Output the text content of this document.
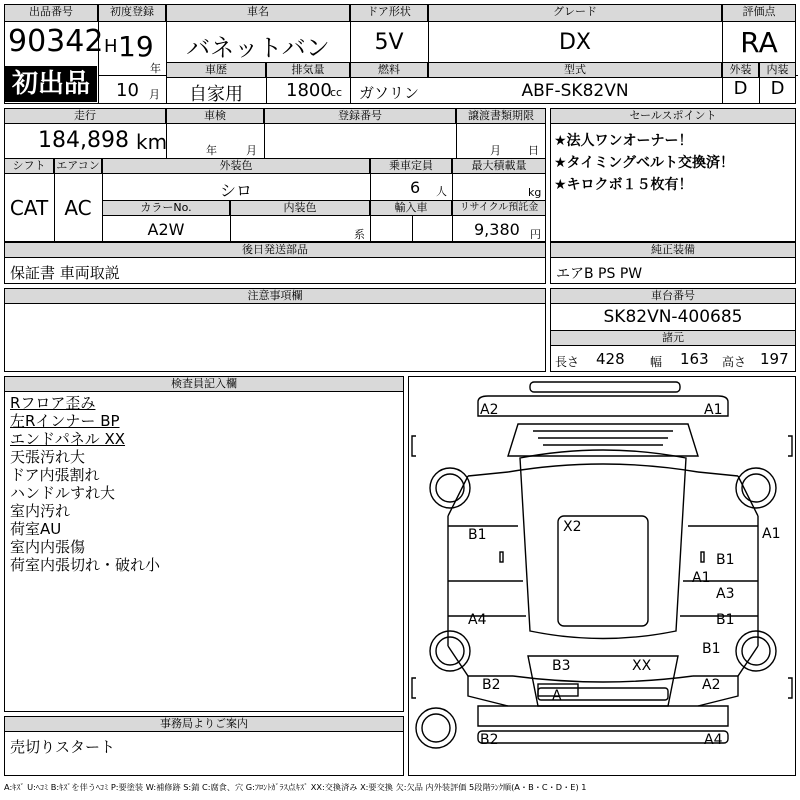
出品番号
90342
初出品
初度登録
H 19
年
10 月
車名
バネットバン
ドア形状
5V
グレード
DX
評価点
RA
外装	内装
D	D
車歴
自家用
排気量
1800
cc
燃料
ガソリン
型式
ABF-SK82VN
走行
184,898 km
車検
年	月
登録番号	譲渡書類期限
月 日
シフト
CAT
エアコン
AC
外装色
シロ
乗車定員
6 人
最大積載量
kg
カラーNo.
A2W
内装色
系
輸入車	リサイクル預託金
9,380 円
セールスポイント
★法人ワンオーナー！
★タイミングベルト交換済！
★キロクボ１５枚有！
後日発送部品
保証書 車両取説
純正装備
エアB PS PW
注意事項欄	車台番号
SK82VN-400685
諸元
長さ 428 幅 163 高さ 197
検査員記入欄
Rフロア歪み
左Rインナー BP
エンドパネル XX
天張汚れ大
ドア内張割れ
ハンドルすれ大
室内汚れ
荷室AU
室内内張傷
荷室内張切れ・破れ小
事務局よりご案内
売切りスタート
A2	A1
X2	A1
B1
B1
A1
A3
A4	B1
B1
B3	XX
B2	A2
A
B2	A4
A:ｷｽﾞ U:ﾍｺﾐ B:ｷｽﾞを伴うﾍｺﾐ P:要塗装 W:補修跡 S:錆 C:腐食、穴 G:ﾌﾛﾝﾄｶﾞﾗｽ点ｷｽﾞ XX:交換済み X:要交換 欠:欠品 内外装評価 5段階ﾗﾝｸ順(A・B・C・D・E) 1
